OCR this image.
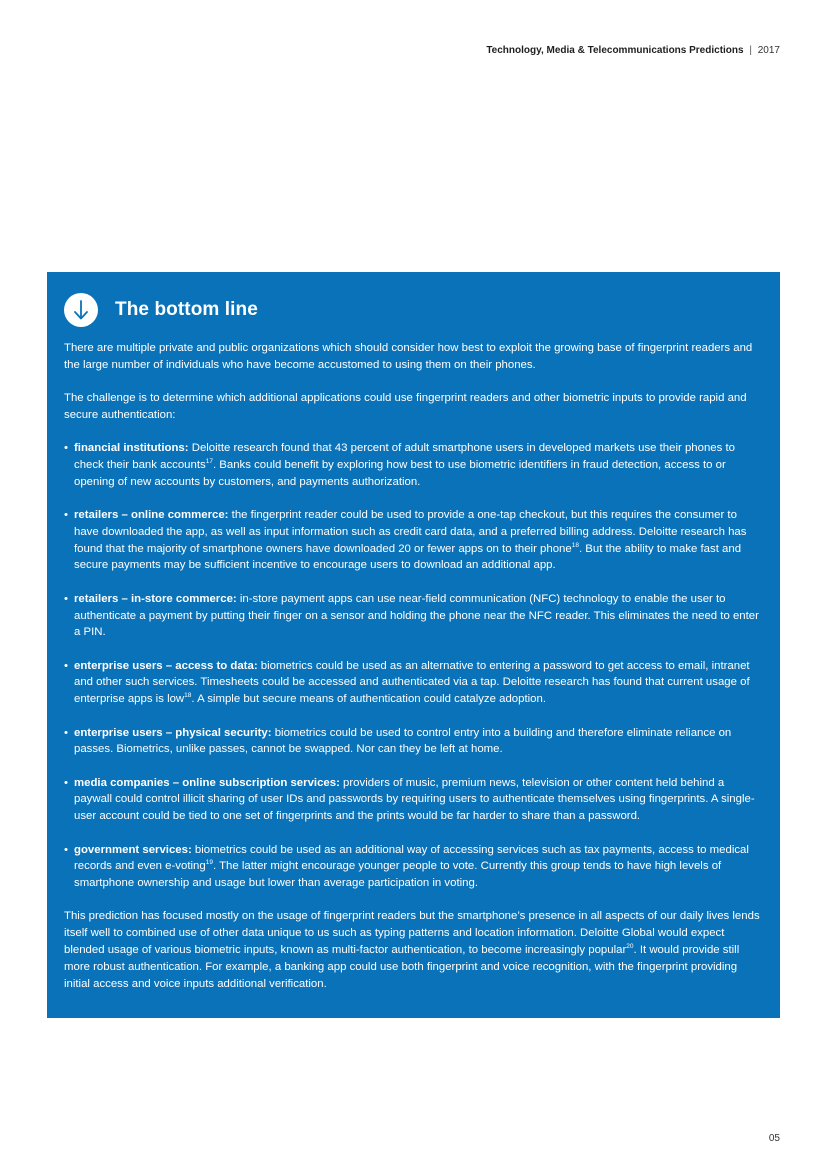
Technology, Media & Telecommunications Predictions | 2017
The bottom line

There are multiple private and public organizations which should consider how best to exploit the growing base of fingerprint readers and the large number of individuals who have become accustomed to using them on their phones.

The challenge is to determine which additional applications could use fingerprint readers and other biometric inputs to provide rapid and secure authentication:

• financial institutions: Deloitte research found that 43 percent of adult smartphone users in developed markets use their phones to check their bank accounts$^{17}$. Banks could benefit by exploring how best to use biometric identifiers in fraud detection, access to or opening of new accounts by customers, and payments authorization.
• retailers – online commerce: the fingerprint reader could be used to provide a one-tap checkout, but this requires the consumer to have downloaded the app, as well as input information such as credit card data, and a preferred billing address. Deloitte research has found that the majority of smartphone owners have downloaded 20 or fewer apps on to their phone$^{18}$. But the ability to make fast and secure payments may be sufficient incentive to encourage users to download an additional app.
• retailers – in-store commerce: in-store payment apps can use near-field communication (NFC) technology to enable the user to authenticate a payment by putting their finger on a sensor and holding the phone near the NFC reader. This eliminates the need to enter a PIN.
• enterprise users – access to data: biometrics could be used as an alternative to entering a password to get access to email, intranet and other such services. Timesheets could be accessed and authenticated via a tap. Deloitte research has found that current usage of enterprise apps is low$^{18}$. A simple but secure means of authentication could catalyze adoption.
• enterprise users – physical security: biometrics could be used to control entry into a building and therefore eliminate reliance on passes. Biometrics, unlike passes, cannot be swapped. Nor can they be left at home.
• media companies – online subscription services: providers of music, premium news, television or other content held behind a paywall could control illicit sharing of user IDs and passwords by requiring users to authenticate themselves using fingerprints. A single-user account could be tied to one set of fingerprints and the prints would be far harder to share than a password.
• government services: biometrics could be used as an additional way of accessing services such as tax payments, access to medical records and even e-voting$^{19}$. The latter might encourage younger people to vote. Currently this group tends to have high levels of smartphone ownership and usage but lower than average participation in voting.

This prediction has focused mostly on the usage of fingerprint readers but the smartphone’s presence in all aspects of our daily lives lends itself well to combined use of other data unique to us such as typing patterns and location information. Deloitte Global would expect blended usage of various biometric inputs, known as multi-factor authentication, to become increasingly popular$^{20}$. It would provide still more robust authentication. For example, a banking app could use both fingerprint and voice recognition, with the fingerprint providing initial access and voice inputs additional verification.

05
